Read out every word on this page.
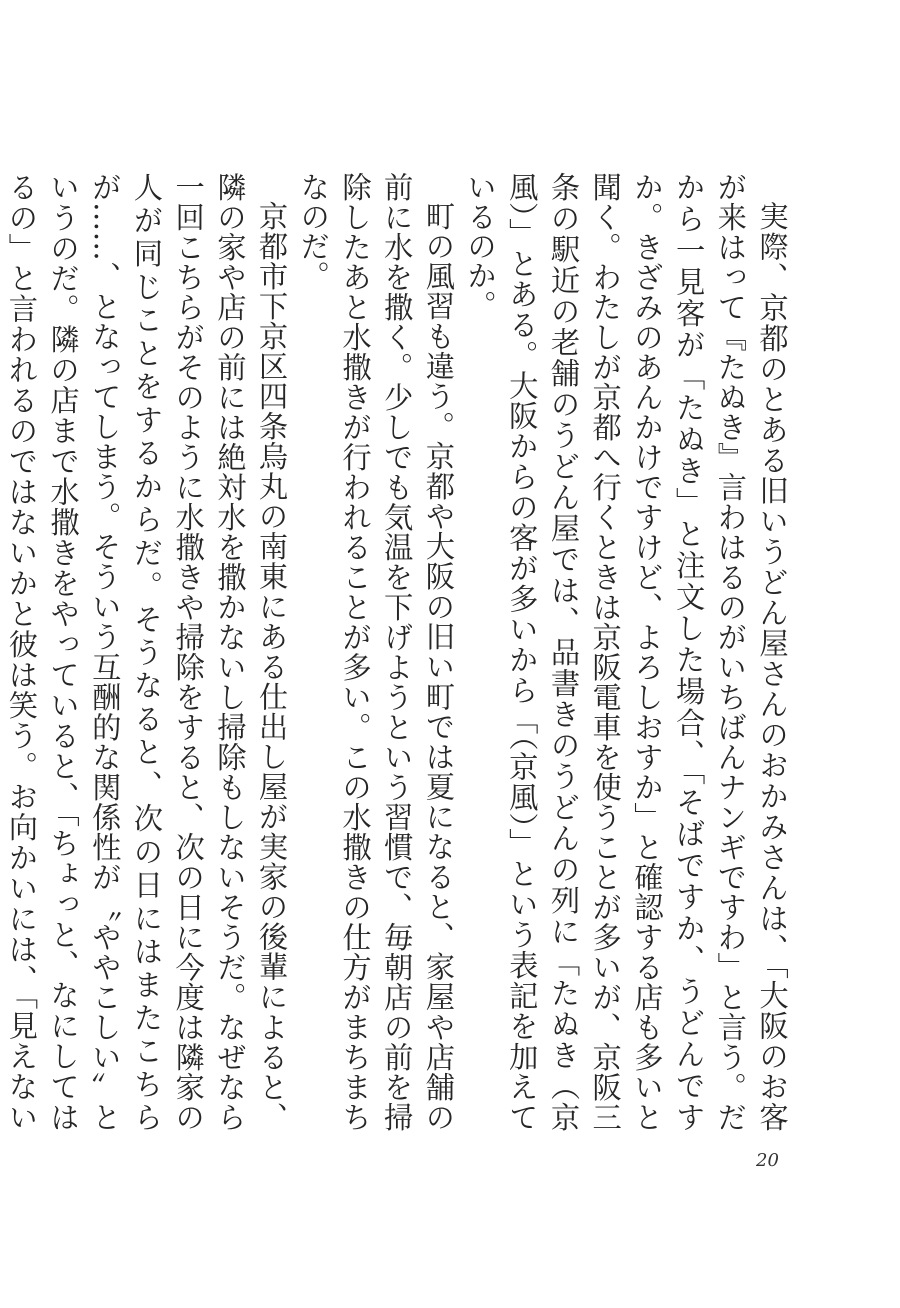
実際、京都のとある旧いうどん屋さんのおかみさんは、「大阪のお客が来はって『たぬき』言わはるのがいちばんナンギですわ」と言う。だから一見客が「たぬき」と注文した場合、「そばですか、うどんですか。きざみのあんかけですけど、よろしおすか」と確認する店も多いと聞く。わたしが京都へ行くときは京阪電車を使うことが多いが、京阪三条の駅近の老舗のうどん屋では、品書きのうどんの列に「たぬき（京風）」とある。大阪からの客が多いから「（京風）」という表記を加えているのか。

町の風習も違う。京都や大阪の旧い町では夏になると、家屋や店舗の前に水を撒く。少しでも気温を下げようという習慣で、毎朝店の前を掃除したあと水撒きが行われることが多い。この水撒きの仕方がまちまちなのだ。

京都市下京区四条烏丸の南東にある仕出し屋が実家の後輩によると、隣の家や店の前には絶対水を撒かないし掃除もしないそうだ。なぜなら一回こちらがそのように水撒きや掃除をすると、次の日に今度は隣家の人が同じことをするからだ。そうなると、次の日にはまたこちらが……、となってしまう。そういう互酬的な関係性が〝ややこしい〟というのだ。隣の店まで水撒きをやっていると、「ちょっと、なにしてはるの」と言われるのではないかと彼は笑う。お向かいには、「見えない

20
